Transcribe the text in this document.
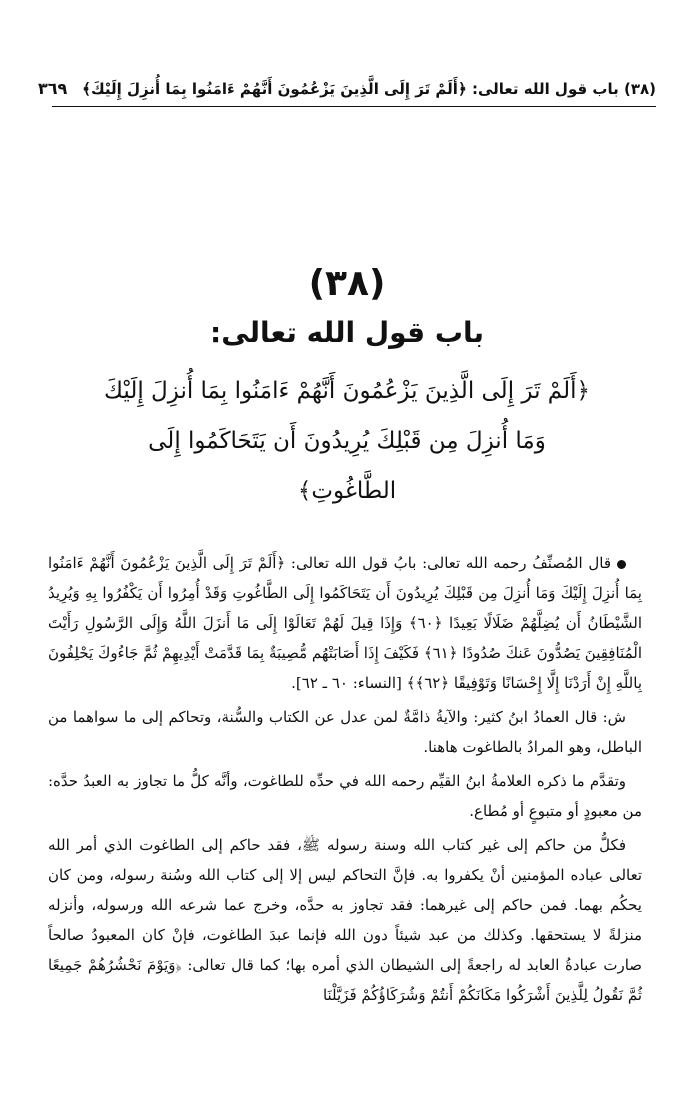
(٣٨) باب قول الله تعالى: ﴿أَلَمْ تَرَ إِلَى الَّذِينَ يَزْعُمُونَ أَنَّهُمْ ءَامَنُوا بِمَا أُنزِلَ إِلَيْكَ﴾
٣٦٩
(٣٨)
باب قول الله تعالى:
﴿أَلَمْ تَرَ إِلَى الَّذِينَ يَزْعُمُونَ أَنَّهُمْ ءَامَنُوا بِمَا أُنزِلَ إِلَيْكَ وَمَا أُنزِلَ مِن قَبْلِكَ يُرِيدُونَ أَن يَتَحَاكَمُوا إِلَى الطَّاغُوتِ﴾

قال المُصنِّفُ رحمه الله تعالى: بابُ قول الله تعالى: ﴿أَلَمْ تَرَ إِلَى الَّذِينَ يَزْعُمُونَ أَنَّهُمْ ءَامَنُوا بِمَا أُنزِلَ إِلَيْكَ وَمَا أُنزِلَ مِن قَبْلِكَ يُرِيدُونَ أَن يَتَحَاكَمُوا إِلَى الطَّاغُوتِ وَقَدْ أُمِرُوا أَن يَكْفُرُوا بِهِ وَيُرِيدُ الشَّيْطَانُ أَن يُضِلَّهُمْ ضَلَالًا بَعِيدًا ﴿٦٠﴾ وَإِذَا قِيلَ لَهُمْ تَعَالَوْا إِلَى مَا أَنزَلَ اللَّهُ وَإِلَى الرَّسُولِ رَأَيْتَ الْمُنَافِقِينَ يَصُدُّونَ عَنكَ صُدُودًا ﴿٦١﴾ فَكَيْفَ إِذَا أَصَابَتْهُم مُّصِيبَةٌ بِمَا قَدَّمَتْ أَيْدِيهِمْ ثُمَّ جَاءُوكَ يَحْلِفُونَ بِاللَّهِ إِنْ أَرَدْنَا إِلَّا إِحْسَانًا وَتَوْفِيقًا ﴿٦٢﴾﴾ [النساء: ٦٠ ـ ٦٢].

ش: قال العمادُ ابنُ كثير: والآيةُ ذامَّةٌ لمن عدل عن الكتاب والسُّنة، وتحاكم إلى ما سواهما من الباطل، وهو المرادُ بالطاغوت هاهنا.

وتقدَّم ما ذكره العلامةُ ابنُ القيِّم رحمه الله في حدِّه للطاغوت، وأنَّه كلُّ ما تجاوز به العبدُ حدَّه: من معبودٍ أو متبوعٍ أو مُطاع.

فكلُّ من حاكم إلى غير كتاب الله وسنة رسوله ﷺ، فقد حاكم إلى الطاغوت الذي أمر الله تعالى عباده المؤمنين أنْ يكفروا به. فإنَّ التحاكم ليس إلا إلى كتاب الله وسُنة رسوله، ومن كان يحكُم بهما. فمن حاكم إلى غيرهما: فقد تجاوز به حدَّه، وخرج عما شرعه الله ورسوله، وأنزله منزلةً لا يستحقها. وكذلك من عبد شيئاً دون الله فإنما عبدَ الطاغوت، فإنْ كان المعبودُ صالحاً صارت عبادةُ العابد له راجعةً إلى الشيطان الذي أمره بها؛ كما قال تعالى: ﴿وَيَوْمَ نَحْشُرُهُمْ جَمِيعًا ثُمَّ نَقُولُ لِلَّذِينَ أَشْرَكُوا مَكَانَكُمْ أَنتُمْ وَشُرَكَاؤُكُمْ فَزَيَّلْنَا
